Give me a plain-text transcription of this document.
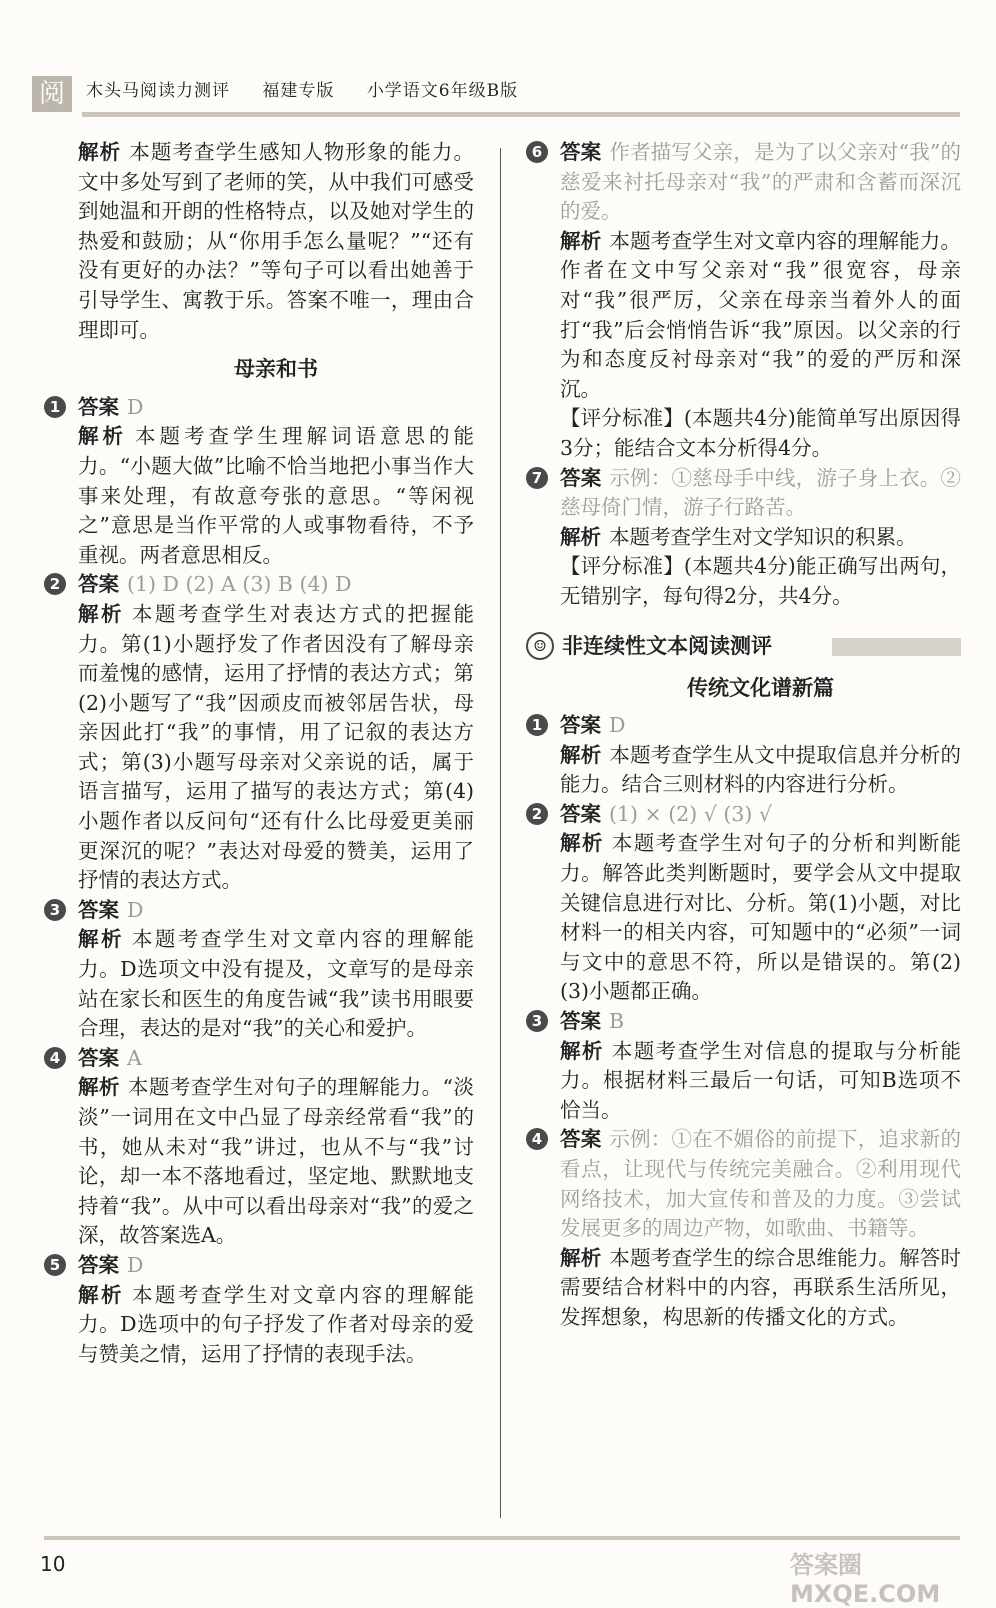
阅	木头马阅读力测评 福建专版 小学语文6年级B版

解析 本题考查学生感知人物形象的能力。文中多处写到了老师的笑，从中我们可感受到她温和开朗的性格特点，以及她对学生的热爱和鼓励；从“你用手怎么量呢？”“还有没有更好的办法？”等句子可以看出她善于引导学生、寓教于乐。答案不唯一，理由合理即可。

母亲和书
1 答案 D

解析 本题考查学生理解词语意思的能力。“小题大做”比喻不恰当地把小事当作大事来处理，有故意夸张的意思。“等闲视之”意思是当作平常的人或事物看待，不予重视。两者意思相反。

2 答案 (1) D (2) A (3) B (4) D

解析 本题考查学生对表达方式的把握能力。第(1)小题抒发了作者因没有了解母亲而羞愧的感情，运用了抒情的表达方式；第(2)小题写了“我”因顽皮而被邻居告状，母亲因此打“我”的事情，用了记叙的表达方式；第(3)小题写母亲对父亲说的话，属于语言描写，运用了描写的表达方式；第(4)小题作者以反问句“还有什么比母爱更美丽更深沉的呢？”表达对母爱的赞美，运用了抒情的表达方式。

3 答案 D

解析 本题考查学生对文章内容的理解能力。D选项文中没有提及，文章写的是母亲站在家长和医生的角度告诫“我”读书用眼要合理，表达的是对“我”的关心和爱护。

4 答案 A

解析 本题考查学生对句子的理解能力。“淡淡”一词用在文中凸显了母亲经常看“我”的书，她从未对“我”讲过，也从不与“我”讨论，却一本不落地看过，坚定地、默默地支持着“我”。从中可以看出母亲对“我”的爱之深，故答案选A。

5 答案 D

解析 本题考查学生对文章内容的理解能力。D选项中的句子抒发了作者对母亲的爱与赞美之情，运用了抒情的表现手法。

6 答案 作者描写父亲，是为了以父亲对“我”的慈爱来衬托母亲对“我”的严肃和含蓄而深沉的爱。

解析 本题考查学生对文章内容的理解能力。作者在文中写父亲对“我”很宽容，母亲对“我”很严厉，父亲在母亲当着外人的面打“我”后会悄悄告诉“我”原因。以父亲的行为和态度反衬母亲对“我”的爱的严厉和深沉。

【评分标准】(本题共4分)能简单写出原因得3分；能结合文本分析得4分。

7 答案 示例：①慈母手中线，游子身上衣。②慈母倚门情，游子行路苦。

解析 本题考查学生对文学知识的积累。

【评分标准】(本题共4分)能正确写出两句，无错别字，每句得2分，共4分。

☺ 非连续性文本阅读测评
传统文化谱新篇
1 答案 D

解析 本题考查学生从文中提取信息并分析的能力。结合三则材料的内容进行分析。

2 答案 (1) × (2) √ (3) √

解析 本题考查学生对句子的分析和判断能力。解答此类判断题时，要学会从文中提取关键信息进行对比、分析。第(1)小题，对比材料一的相关内容，可知题中的“必须”一词与文中的意思不符，所以是错误的。第(2)(3)小题都正确。

3 答案 B

解析 本题考查学生对信息的提取与分析能力。根据材料三最后一句话，可知B选项不恰当。

4 答案 示例：①在不媚俗的前提下，追求新的看点，让现代与传统完美融合。②利用现代网络技术，加大宣传和普及的力度。③尝试发展更多的周边产物，如歌曲、书籍等。

解析 本题考查学生的综合思维能力。解答时需要结合材料中的内容，再联系生活所见，发挥想象，构思新的传播文化的方式。

10	答案圈 MXQE.COM
